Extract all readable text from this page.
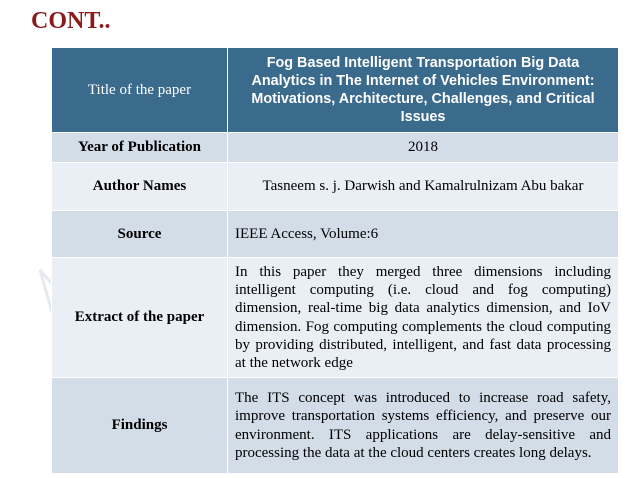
CONT..
Title of the paper	Fog Based Intelligent Transportation Big Data Analytics in The Internet of Vehicles Environment: Motivations, Architecture, Challenges, and Critical Issues
Year of Publication	2018
Author Names	Tasneem s. j. Darwish and Kamalrulnizam Abu bakar
Source	IEEE Access, Volume:6
Extract of the paper	In this paper they merged three dimensions including intelligent computing (i.e. cloud and fog computing) dimension, real-time big data analytics dimension, and IoV dimension. Fog computing complements the cloud computing by providing distributed, intelligent, and fast data processing at the network edge
Findings	The ITS concept was introduced to increase road safety, improve transportation systems efficiency, and preserve our environment. ITS applications are delay-sensitive and processing the data at the cloud centers creates long delays.
